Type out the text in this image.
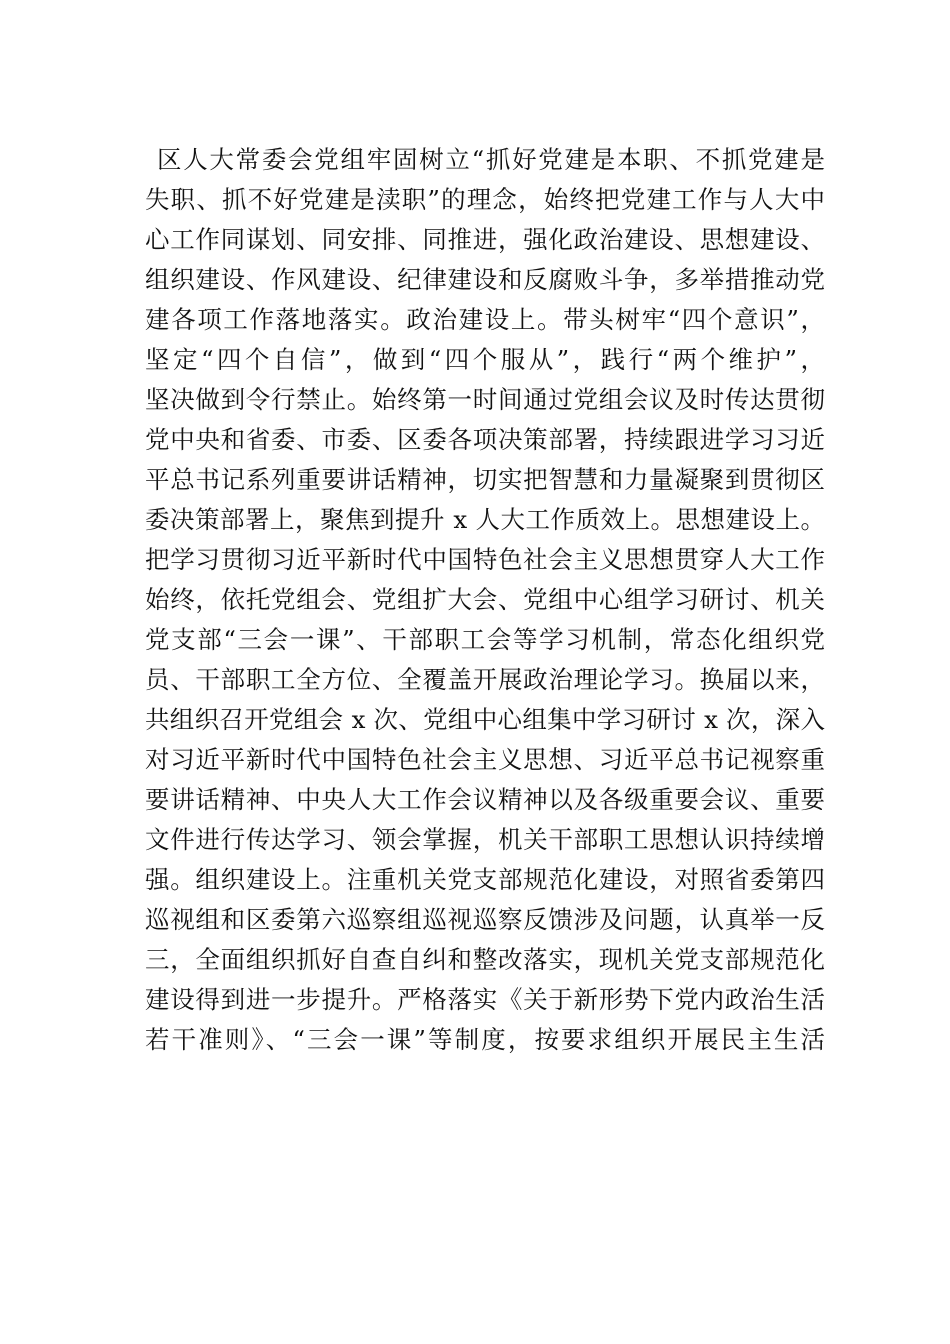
区人大常委会党组牢固树立“抓好党建是本职、不抓党建是
失职、抓不好党建是渎职”的理念，始终把党建工作与人大中
心工作同谋划、同安排、同推进，强化政治建设、思想建设、
组织建设、作风建设、纪律建设和反腐败斗争，多举措推动党
建各项工作落地落实。政治建设上。带头树牢“四个意识”，
坚定“四个自信”，做到“四个服从”，践行“两个维护”，
坚决做到令行禁止。始终第一时间通过党组会议及时传达贯彻
党中央和省委、市委、区委各项决策部署，持续跟进学习习近
平总书记系列重要讲话精神，切实把智慧和力量凝聚到贯彻区
委决策部署上，聚焦到提升 x 人大工作质效上。思想建设上。
把学习贯彻习近平新时代中国特色社会主义思想贯穿人大工作
始终，依托党组会、党组扩大会、党组中心组学习研讨、机关
党支部“三会一课”、干部职工会等学习机制，常态化组织党
员、干部职工全方位、全覆盖开展政治理论学习。换届以来，
共组织召开党组会 x 次、党组中心组集中学习研讨 x 次，深入
对习近平新时代中国特色社会主义思想、习近平总书记视察重
要讲话精神、中央人大工作会议精神以及各级重要会议、重要
文件进行传达学习、领会掌握，机关干部职工思想认识持续增
强。组织建设上。注重机关党支部规范化建设，对照省委第四
巡视组和区委第六巡察组巡视巡察反馈涉及问题，认真举一反
三，全面组织抓好自查自纠和整改落实，现机关党支部规范化
建设得到进一步提升。严格落实《关于新形势下党内政治生活
若干准则》、“三会一课”等制度，按要求组织开展民主生活
